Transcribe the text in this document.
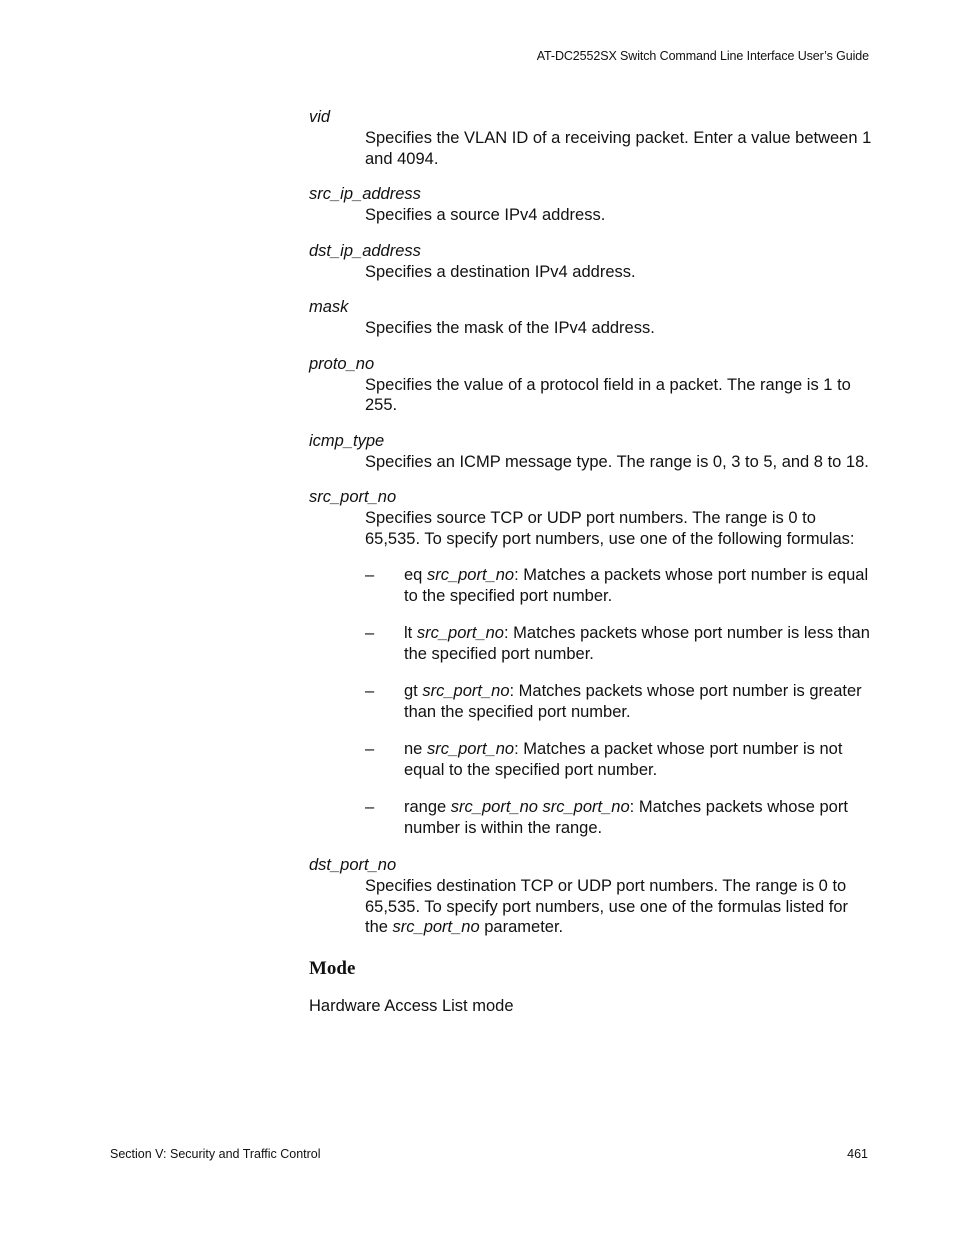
AT-DC2552SX Switch Command Line Interface User’s Guide

vid

Specifies the VLAN ID of a receiving packet. Enter a value between 1 and 4094.

src_ip_address

Specifies a source IPv4 address.

dst_ip_address

Specifies a destination IPv4 address.

mask

Specifies the mask of the IPv4 address.

proto_no

Specifies the value of a protocol field in a packet. The range is 1 to 255.

icmp_type

Specifies an ICMP message type. The range is 0, 3 to 5, and 8 to 18.

src_port_no

Specifies source TCP or UDP port numbers. The range is 0 to 65,535. To specify port numbers, use one of the following formulas:

– eq src_port_no: Matches a packets whose port number is equal to the specified port number.
– lt src_port_no: Matches packets whose port number is less than the specified port number.
– gt src_port_no: Matches packets whose port number is greater than the specified port number.
– ne src_port_no: Matches a packet whose port number is not equal to the specified port number.
– range src_port_no src_port_no: Matches packets whose port number is within the range.

dst_port_no

Specifies destination TCP or UDP port numbers. The range is 0 to 65,535. To specify port numbers, use one of the formulas listed for the src_port_no parameter.

Mode

Hardware Access List mode

Section V: Security and Traffic Control	461
